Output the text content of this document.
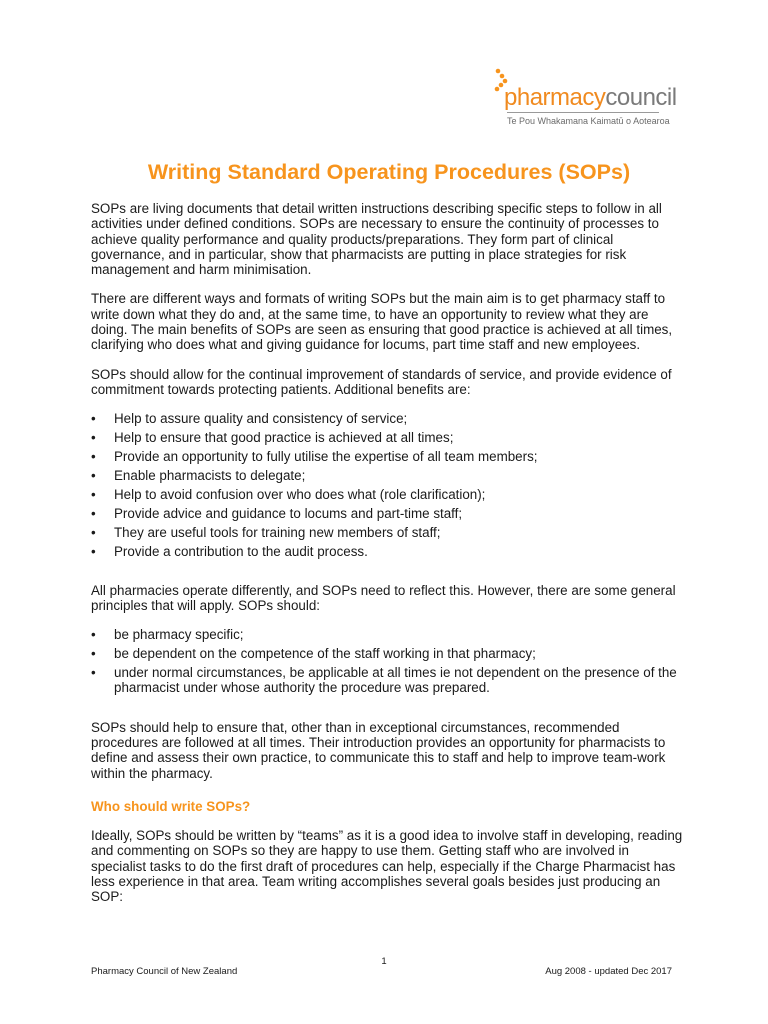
pharmacycouncil
Te Pou Whakamana Kaimatū o Aotearoa
Writing Standard Operating Procedures (SOPs)

SOPs are living documents that detail written instructions describing specific steps to follow in all activities under defined conditions. SOPs are necessary to ensure the continuity of processes to achieve quality performance and quality products/preparations. They form part of clinical governance, and in particular, show that pharmacists are putting in place strategies for risk management and harm minimisation.

There are different ways and formats of writing SOPs but the main aim is to get pharmacy staff to write down what they do and, at the same time, to have an opportunity to review what they are doing. The main benefits of SOPs are seen as ensuring that good practice is achieved at all times, clarifying who does what and giving guidance for locums, part time staff and new employees.

SOPs should allow for the continual improvement of standards of service, and provide evidence of commitment towards protecting patients. Additional benefits are:

• Help to assure quality and consistency of service;
• Help to ensure that good practice is achieved at all times;
• Provide an opportunity to fully utilise the expertise of all team members;
• Enable pharmacists to delegate;
• Help to avoid confusion over who does what (role clarification);
• Provide advice and guidance to locums and part-time staff;
• They are useful tools for training new members of staff;
• Provide a contribution to the audit process.

All pharmacies operate differently, and SOPs need to reflect this. However, there are some general principles that will apply. SOPs should:

• be pharmacy specific;
• be dependent on the competence of the staff working in that pharmacy;
• under normal circumstances, be applicable at all times ie not dependent on the presence of the pharmacist under whose authority the procedure was prepared.

SOPs should help to ensure that, other than in exceptional circumstances, recommended procedures are followed at all times. Their introduction provides an opportunity for pharmacists to define and assess their own practice, to communicate this to staff and help to improve team-work within the pharmacy.

Who should write SOPs?

Ideally, SOPs should be written by “teams” as it is a good idea to involve staff in developing, reading and commenting on SOPs so they are happy to use them. Getting staff who are involved in specialist tasks to do the first draft of procedures can help, especially if the Charge Pharmacist has less experience in that area. Team writing accomplishes several goals besides just producing an SOP:

1
Pharmacy Council of New Zealand	Aug 2008 - updated Dec 2017
